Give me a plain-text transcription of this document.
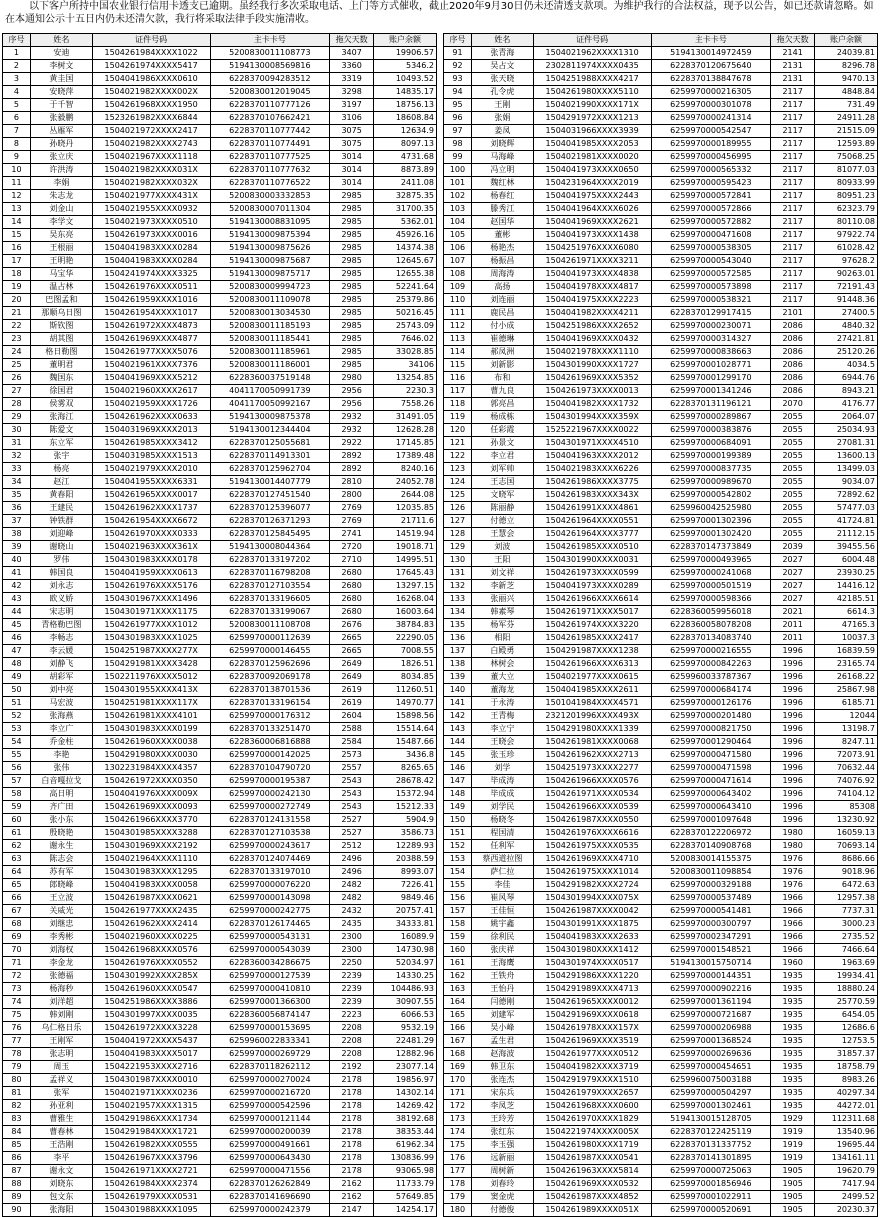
以下客户所持中国农业银行信用卡透支已逾期。虽经我行多次采取电话、上门等方式催收，截止2020年9月30日仍未还清透支款项。为维护我行的合法权益，现予以公告，如已还款请忽略。如在本通知公示十五日内仍未还清欠款，我行将采取法律手段实施清收。
序号	姓名	证件号码	主卡卡号	拖欠天数	账户余额
1	安迪	1504261984XXXX1022	5200830011108773	3407	19906.57
2	李树文	1504261974XXXX5417	5194130008569816	3360	5346.2
3	黄圭国	1504041986XXXX0610	6228370094283512	3319	10493.52
4	安晓萍	1504021982XXXX002X	5200830012019045	3298	14835.17
5	于千智	1504261968XXXX1950	6228370110777126	3197	18756.13
6	张毅鹏	1523261982XXXX6844	6228370107662421	3106	18608.84
7	丛雁军	1504021972XXXX2417	6228370110777442	3075	12634.9
8	孙晓丹	1504021982XXXX2743	6228370110774491	3075	8097.13
9	张立庆	1504021967XXXX1118	6228370110777525	3014	4731.68
10	许洪涛	1504021982XXXX031X	6228370110777632	3014	8873.89
11	李娟	1504021982XXXX032X	6228370110776522	3014	2411.08
12	朱志龙	1504021977XXXX431X	5200830003332853	2985	32875.35
13	刘金山	1504021955XXXX0932	5200830007011304	2985	31700.35
14	李学文	1504021973XXXX0510	5194130008831095	2985	5362.01
15	吴东亮	1504261973XXXX0016	5194130009875394	2985	45926.16
16	王根丽	1504041983XXXX0284	5194130009875626	2985	14374.38
17	王明艳	1504041983XXXX0284	5194130009875687	2985	12645.67
18	马宝华	1504241974XXXX3325	5194130009875717	2985	12655.38
19	温占林	1504261976XXXX0511	5200830009994723	2985	52241.64
20	巴图孟和	1504261959XXXX1016	5200830011109078	2985	25379.86
21	那顺乌日图	1504261954XXXX1017	5200830013034530	2985	50216.45
22	斯钦图	1504261972XXXX4873	5200830011185193	2985	25743.09
23	胡其图	1504261969XXXX4877	5200830011185441	2985	7646.02
24	格日勒图	1504261977XXXX5076	5200830011185961	2985	33028.85
25	董明君	1504021961XXXX7376	5200830011186001	2985	34106
26	魏国东	1504041969XXXX5212	6228360037519148	2980	13254.85
27	徐国君	1504021960XXXX2617	4041170050991739	2956	2230.3
28	侯雾双	1504021959XXXX1726	4041170050992167	2956	7558.26
29	张海江	1504261962XXXX0633	5194130009875378	2932	31491.05
30	陈爱文	1504031969XXXX2013	5194130012344404	2932	12628.28
31	东立军	1504261985XXXX3412	6228370125055681	2922	17145.85
32	张宇	1504031985XXXX1513	6228370114913301	2892	17389.48
33	杨亮	1504021979XXXX2010	6228370125962704	2892	8240.16
34	赵江	1504041955XXXX6331	5194130014407779	2810	24052.78
35	黄春阳	1504261965XXXX0017	6228370127451540	2800	2644.08
36	王建民	1504261962XXXX1737	6228370125396077	2769	12035.85
37	钟铁群	1504261954XXXX6672	6228370126371293	2769	21711.6
38	刘迎峰	1504261970XXXX0333	6228370125845495	2741	14519.94
39	谢晓山	1504021963XXXX361X	5194130008044364	2720	19018.71
40	罗伟	1504301983XXXX0178	6228370133197202	2710	14995.51
41	韩国良	1504041959XXXX0613	6228370116798208	2680	17645.43
42	刘永志	1504261976XXXX5176	6228370127103554	2680	13297.15
43	欧义娇	1504301967XXXX1496	6228370133196605	2680	16268.04
44	宋志明	1504301971XXXX1175	6228370133199067	2680	16003.64
45	青格勒巴图	1504261977XXXX1012	5200830011108708	2676	38784.83
46	李畅志	1504301983XXXX1025	6259970000112639	2665	22290.05
47	李云媛	1504251987XXXX277X	6259970000146455	2665	7008.55
48	刘静飞	1504291981XXXX3428	6228370125962696	2649	1826.51
49	胡彩军	1502211976XXXX5012	6228370092069178	2649	8034.85
50	刘中亮	1504301955XXXX413X	6228370138701536	2619	11260.51
51	马宏波	1504251981XXXX117X	6228370133196154	2619	14970.77
52	张海燕	1504261981XXXX4101	6259970000176312	2604	15898.56
53	李立广	1504301983XXXX0199	6228370133251470	2588	15514.64
54	乔金柱	1504261960XXXX0038	6228360006816888	2584	15487.66
55	李艳	1504291980XXXX0030	6259970000142025	2573	3436.8
56	张伟	1302231984XXXX4357	6228370104790720	2557	8265.65
57	白音嘎拉戈	1504261972XXXX0350	6259970000195387	2543	28678.42
58	高日明	1504041976XXXX009X	6259970000242130	2543	15372.94
59	齐广田	1504261969XXXX0093	6259970000272749	2543	15212.33
60	张小东	1504261966XXXX3770	6228370124131558	2527	5904.9
61	殷晓艳	1504301985XXXX3288	6228370127103538	2527	3586.73
62	谢永生	1504301969XXXX2192	6259970000243617	2512	12289.93
63	陈志会	1504021964XXXX1110	6228370124074469	2496	20388.59
64	苏有军	1504301983XXXX1295	6228370133197010	2496	8993.07
65	郎晓峰	1504041983XXXX0058	6259970000076220	2482	7226.41
66	王立波	1504261987XXXX0621	6259970000143098	2482	9849.46
67	关威光	1504261977XXXX2435	6259970000242775	2432	20757.41
68	刘继忠	1504261962XXXX2414	6228370126174465	2435	34333.81
69	李秀彬	1504021960XXXX0225	6259970000543131	2300	16089.9
70	刘海权	1504261968XXXX0576	6259970000543039	2300	14730.98
71	李金龙	1504261976XXXX0552	6228360034286675	2250	52034.97
72	张德福	1504301992XXXX285X	6259970000127539	2239	14330.25
73	杨海秒	1504261960XXXX0547	6259970000410810	2239	104486.93
74	刘洋超	1504251986XXXX3886	6259970001366300	2239	30907.55
75	韩刘刚	1504301997XXXX0035	6228360056874147	2223	6066.53
76	乌仁格日乐	1504261972XXXX3228	6259970000153695	2208	9532.19
77	王刚军	1504041972XXXX5437	6259960022833341	2208	22481.29
78	张志明	1504041983XXXX5017	6259970000269729	2208	12882.96
79	周玉	1504221953XXXX2716	6228370118262112	2192	23077.14
80	孟祥义	1504301987XXXX0010	6259970000270024	2178	19856.97
81	张军	1504021971XXXX0236	6259970000216720	2178	14302.14
82	孙亚利	1504021957XXXX1315	6259970000542596	2178	14269.42
83	曹雅生	1504291986XXXX1734	6259970000121144	2178	38192.68
84	曹春林	1504291984XXXX1721	6259970000200039	2178	38353.44
85	王浩刚	1504261982XXXX0555	6259970000491661	2178	61962.34
86	李平	1504261967XXXX3796	6259970000643430	2178	130836.99
87	谢永文	1504261971XXXX2721	6259970000471556	2178	93065.98
88	刘晓东	1504261984XXXX2374	6228370126262849	2162	11733.79
89	包文东	1504261979XXXX0531	6228370141696690	2162	57649.85
90	张海阳	1504301988XXXX1095	6259970000242379	2147	14254.17
序号	姓名	证件号码	主卡卡号	拖欠天数	账户余额
91	张青海	1504021962XXXX1310	5194130014972459	2141	24039.81
92	吴占文	2302811974XXXX0435	6228370120675640	2131	8296.78
93	张天晓	1504251988XXXX4217	6228370138847678	2131	9470.13
94	孔令虎	1504261980XXXX5110	6259970000216305	2117	4848.84
95	王刚	1504021990XXXX171X	6259970000301078	2117	731.49
96	张娟	1504291972XXXX1213	6259970000241314	2117	24911.28
97	姜凤	1504031966XXXX3939	6259970000542547	2117	21515.09
98	刘晓辉	1504041985XXXX2053	6259970000189955	2117	12593.89
99	马海峰	1504021981XXXX0020	6259970000456995	2117	75068.25
100	冯立明	1504041973XXXX0650	6259970000565332	2117	81077.03
101	魏红林	1504231964XXXX2019	6259970000595423	2117	80933.99
102	杨春红	1504041975XXXX2443	6259970000572841	2117	80951.23
103	滕秀江	1504041964XXXX6026	6259970000572866	2117	62323.79
104	赵国华	1504041969XXXX2621	6259970000572882	2117	80110.08
105	董彬	1504041973XXXX1438	6259970000471608	2117	97922.74
106	杨艳杰	1504251976XXXX6080	6259970000538305	2117	61028.42
107	杨振昌	1504261971XXXX3211	6259970000543040	2117	97628.2
108	周海涛	1504041973XXXX4838	6259970000572585	2117	90263.01
109	高扬	1504041978XXXX4817	6259970000573898	2117	72191.43
110	刘连丽	1504041975XXXX2223	6259970000538321	2117	91448.36
111	鹿民昌	1504041982XXXX4211	6228370129917415	2101	27400.5
112	付小成	1504251986XXXX2652	6259970000230071	2086	4840.32
113	崔德琳	1504041969XXXX0432	6259970000314327	2086	27421.81
114	郝凤洲	1504021978XXXX1110	6259970000838663	2086	25120.26
115	刘新影	1504301990XXXX1727	6259970001028771	2086	4034.5
116	布和	1504261969XXXX5352	6259970001299170	2086	6944.76
117	曹九良	1504261973XXXX0013	6259970001341246	2086	8943.21
118	郭亮昌	1504041982XXXX1732	6228370131196121	2070	4176.77
119	杨成栋	1504301994XXXX359X	6259970000289867	2055	2064.07
120	任彩霞	1525221967XXXX0022	6259970000383876	2055	25034.93
121	孙景文	1504301971XXXX4510	6259970000684091	2055	27081.31
122	李立君	1504041963XXXX2012	6259970000199389	2055	13600.13
123	刘军帅	1504021983XXXX6226	6259970000837735	2055	13499.03
124	王志国	1504261986XXXX3775	6259970000989670	2055	9034.07
125	文晓军	1504261983XXXX343X	6259970000542802	2055	72892.62
126	陈丽静	1504261991XXXX4861	6259960042525980	2055	57477.03
127	付德立	1504261964XXXX0551	6259970001302396	2055	41724.81
128	王慧会	1504261964XXXX3777	6259970001302420	2055	21112.15
129	刘波	1504261985XXXX0510	6228370147373849	2039	39455.56
130	王阳	1504301990XXXX0031	6259970000493965	2027	6004.48
131	刘文祥	1504261973XXXX0599	6259970000241068	2027	23930.25
132	李新芝	1504041973XXXX0289	6259970000501519	2027	14416.12
133	张丽兴	1504261966XXXX6614	6259970000598366	2027	42185.51
134	韩素琴	1504261971XXXX5017	6228360059956018	2021	6614.3
135	杨军芬	1504261974XXXX3220	6228360058078208	2011	47165.3
136	相阳	1504261985XXXX2417	6228370134083740	2011	10037.3
137	白殿勇	1504291987XXXX1238	6259970000216555	1996	16839.59
138	林树会	1504261966XXXX6313	6259970000842263	1996	23165.74
139	董大立	1504021977XXXX0615	6259960033787367	1996	26168.22
140	董海龙	1504041985XXXX2611	6259970000684174	1996	25867.98
141	于永涛	1501041984XXXX4571	6259970000126176	1996	6185.71
142	王青梅	2321201996XXXX493X	6259970000201480	1996	12044
143	李立宁	1504291980XXXX1339	6259970000821750	1996	13198.7
144	王晓会	1504261981XXXX0068	6259970001290464	1996	8247.11
145	张玉珍	1504261962XXXX2713	6259970000471580	1996	72073.91
146	刘学	1504251973XXXX2277	6259970000471598	1996	70632.44
147	毕成涛	1504261966XXXX0576	6259970000471614	1996	74076.92
148	毕成成	1504261971XXXX0534	6259970000643402	1996	74104.12
149	刘学民	1504261966XXXX0539	6259970000643410	1996	85308
150	杨晓冬	1504261987XXXX0550	6259970001097648	1996	13230.92
151	程国清	1504261976XXXX6616	6228370122206972	1980	16059.13
152	任利军	1504261975XXXX0535	6228370140908768	1980	70693.14
153	蔡西道拉图	1504261969XXXX4710	5200830014155375	1976	8686.66
154	萨仁拉	1504261975XXXX1014	5200830011098854	1976	9018.96
155	李佳	1504291982XXXX2724	6259970000329188	1976	6472.63
156	崔风琴	1504301994XXXX075X	6259970000537489	1966	12957.38
157	王佳恒	1504261987XXXX0042	6259970000541481	1966	7737.31
158	姚宇鑫	1504301991XXXX1875	6259970000300797	1966	3000.23
159	徐利民	1504041983XXXX2633	6259970002347291	1966	2735.52
160	张庆祥	1504301980XXXX1412	6259970001548521	1966	7466.64
161	王海鹰	1504301974XXXX0517	5194130015750714	1960	1963.69
162	王铁舟	1504291986XXXX1220	6259970000144351	1935	19934.41
163	王怡丹	1504291989XXXX4713	6259970000902216	1935	18880.24
164	闫德刚	1504261965XXXX0012	6259970001361194	1935	25770.59
165	刘建军	1504291969XXXX0618	6259970000721687	1935	6454.05
166	吴小峰	1504261978XXXX157X	6259970000206988	1935	12686.6
167	孟生君	1504261969XXXX3519	6259970001368524	1935	12753.5
168	赵海波	1504261977XXXX0512	6259970000269636	1935	31857.37
169	韩卫东	1504041982XXXX3719	6259970000454651	1935	18758.79
170	张连杰	1504291979XXXX1510	6259960075003188	1935	8983.26
171	宋东兵	1504261979XXXX2657	6259970000504297	1935	40297.34
172	李凤芝	1504261968XXXX0600	6259970001302461	1935	44272.01
173	王玲芳	1504261970XXXX1829	5194130015128705	1929	112311.68
174	张红东	1504221974XXXX005X	6228370122425119	1919	13540.96
175	李玉强	1504261980XXXX1719	6228370131337752	1919	19695.44
176	远新丽	1504261987XXXX0541	6228370141301895	1919	134161.11
177	周树新	1504261963XXXX5814	6259970000725063	1905	19620.79
178	刘春玲	1504261969XXXX0532	6259970001856946	1905	7417.94
179	窦金虎	1504261987XXXX4852	6259970001022911	1905	2499.52
180	付德俊	1504261989XXXX051X	6259970000520691	1905	20230.37
